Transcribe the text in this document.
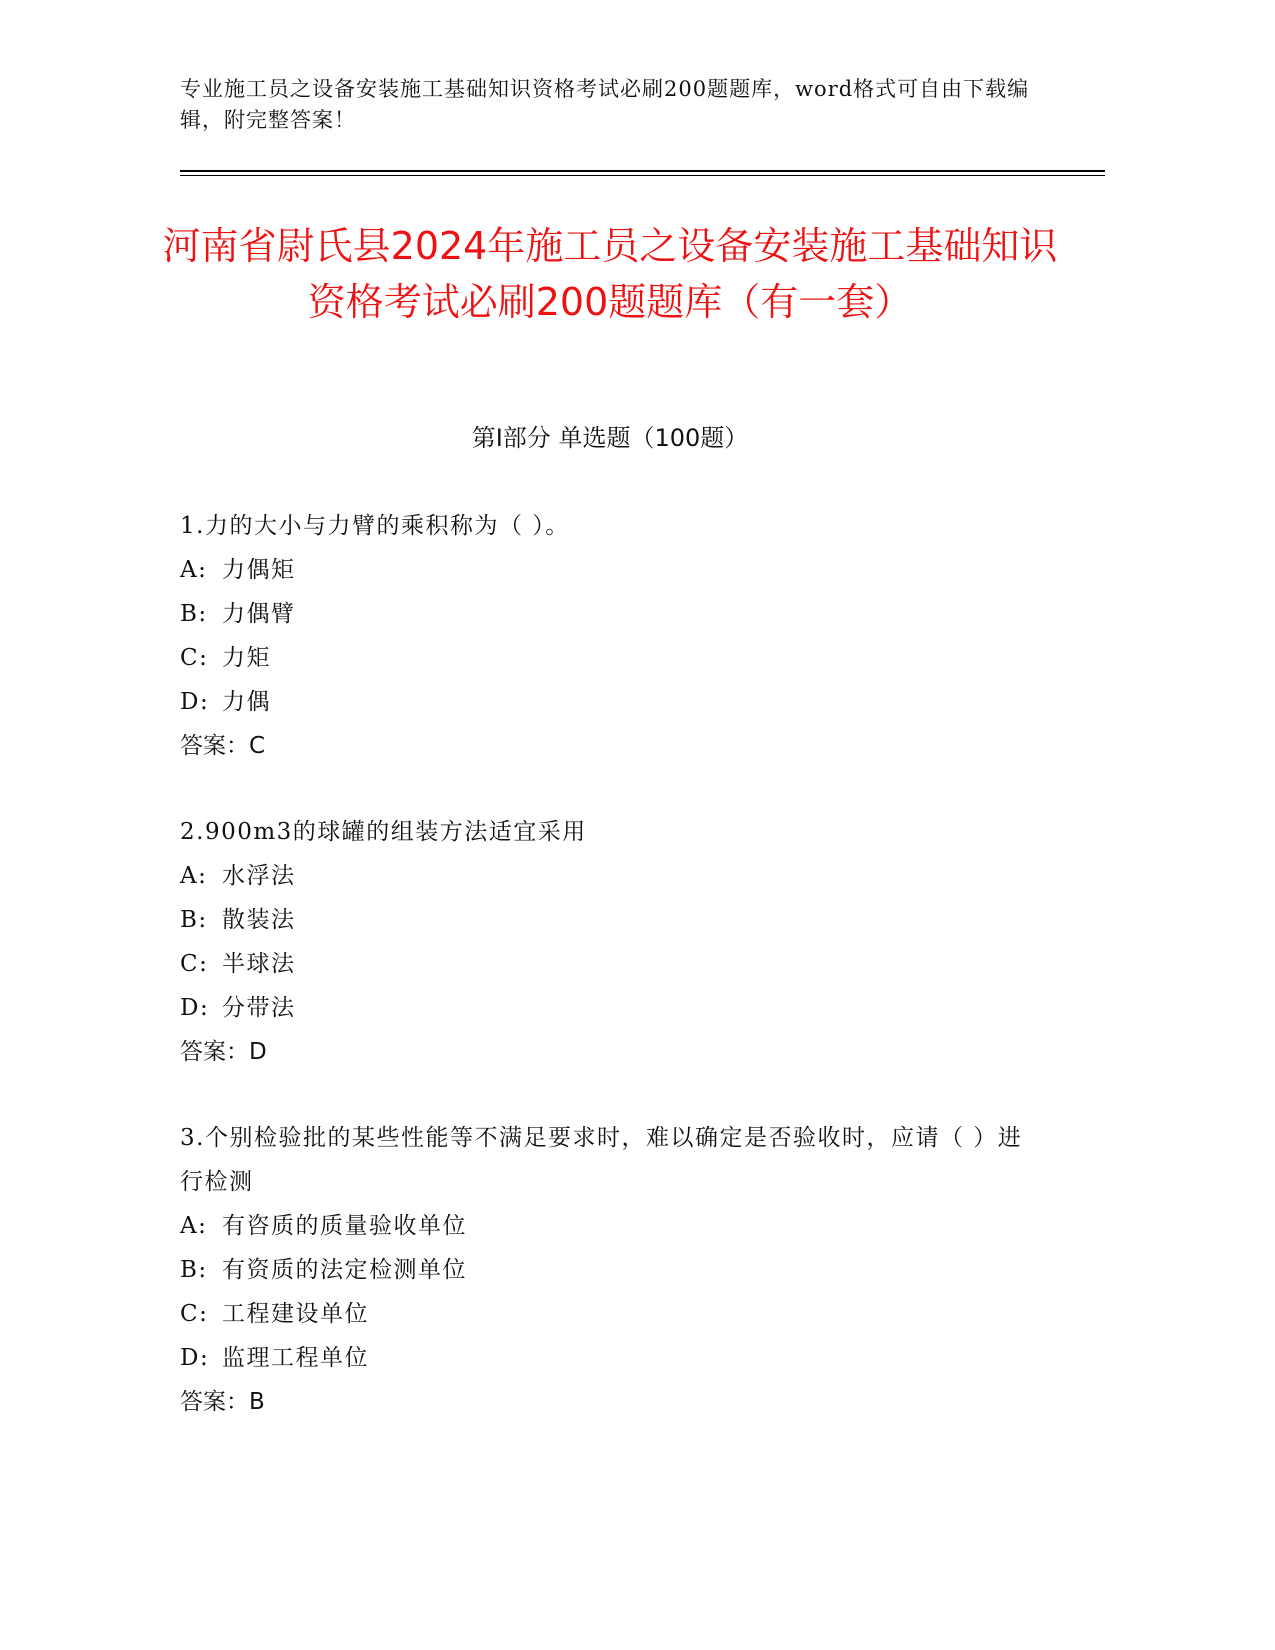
专业施工员之设备安装施工基础知识资格考试必刷200题题库，word格式可自由下载编辑，附完整答案！
河南省尉氏县2024年施工员之设备安装施工基础知识资格考试必刷200题题库（有一套）
第Ⅰ部分 单选题（100题）
1.力的大小与力臂的乘积称为（ ）。
A: 力偶矩
B: 力偶臂
C: 力矩
D: 力偶
答案：C
2.900m3的球罐的组装方法适宜采用
A: 水浮法
B: 散装法
C: 半球法
D: 分带法
答案：D
3.个别检验批的某些性能等不满足要求时，难以确定是否验收时，应请（ ）进行检测
A: 有咨质的质量验收单位
B: 有资质的法定检测单位
C: 工程建设单位
D: 监理工程单位
答案：B
